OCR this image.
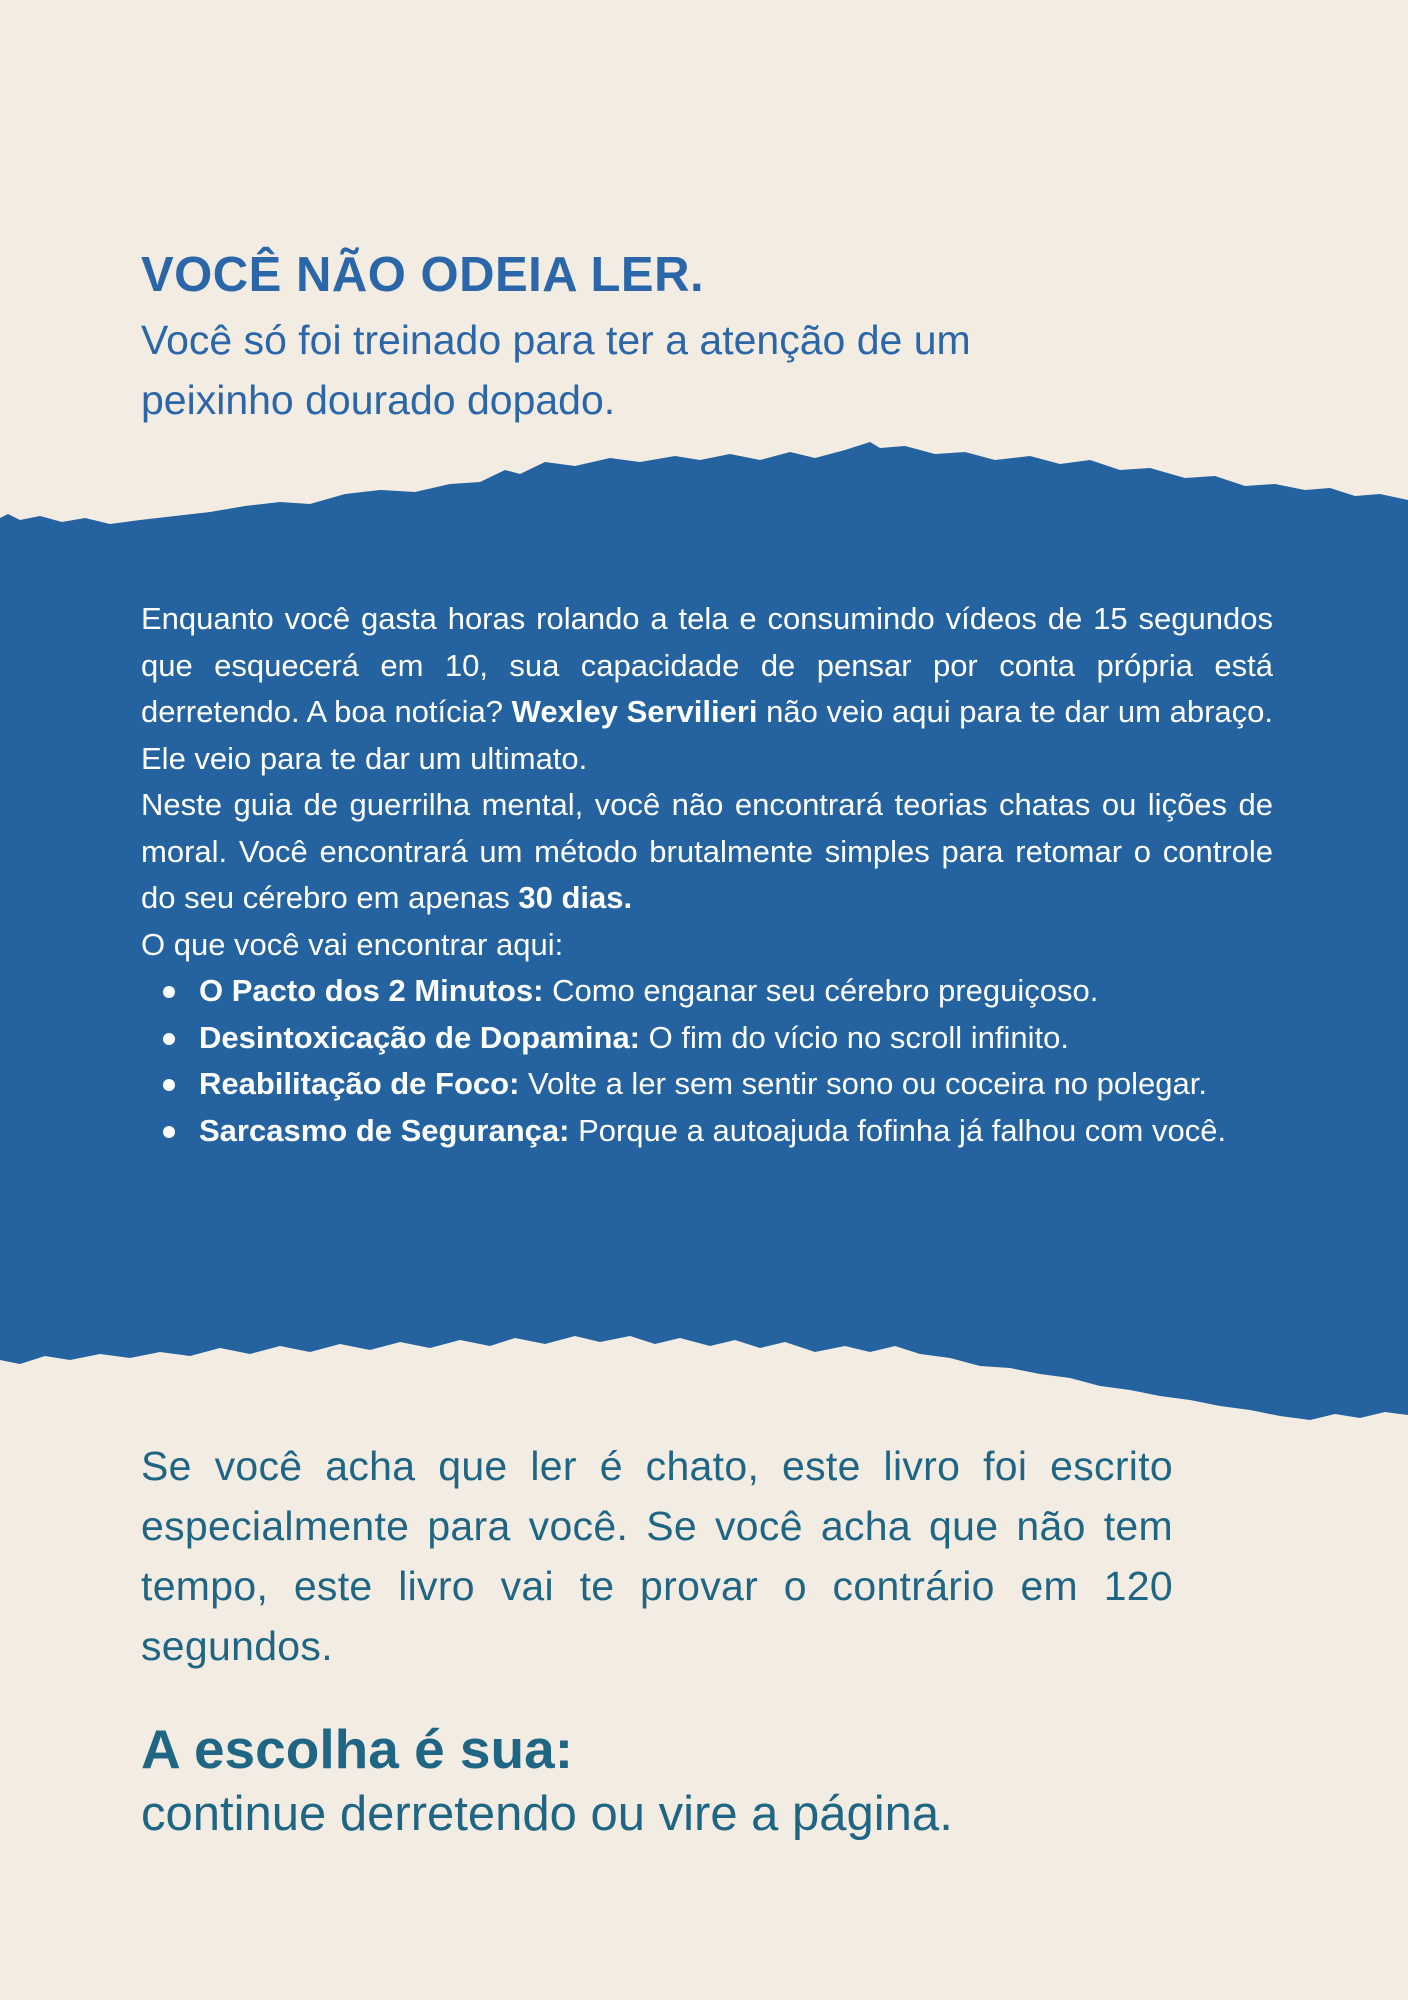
VOCÊ NÃO ODEIA LER.

Você só foi treinado para ter a atenção de um peixinho dourado dopado.

Enquanto você gasta horas rolando a tela e consumindo vídeos de 15 segundos que esquecerá em 10, sua capacidade de pensar por conta própria está derretendo. A boa notícia? Wexley Servilieri não veio aqui para te dar um abraço. Ele veio para te dar um ultimato.

Neste guia de guerrilha mental, você não encontrará teorias chatas ou lições de moral. Você encontrará um método brutalmente simples para retomar o controle do seu cérebro em apenas 30 dias.

O que você vai encontrar aqui:

O Pacto dos 2 Minutos: Como enganar seu cérebro preguiçoso.
Desintoxicação de Dopamina: O fim do vício no scroll infinito.
Reabilitação de Foco: Volte a ler sem sentir sono ou coceira no polegar.
Sarcasmo de Segurança: Porque a autoajuda fofinha já falhou com você.

Se você acha que ler é chato, este livro foi escrito especialmente para você. Se você acha que não tem tempo, este livro vai te provar o contrário em 120 segundos.

A escolha é sua:

continue derretendo ou vire a página.
